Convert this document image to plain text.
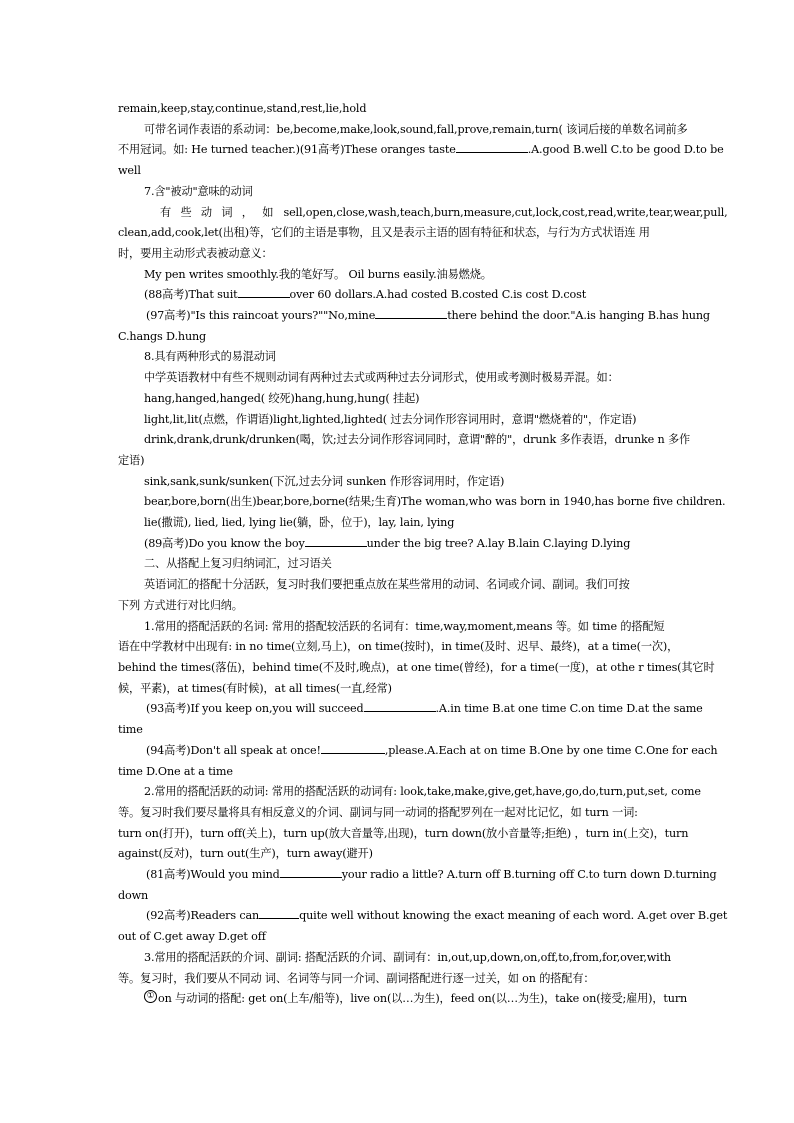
remain,keep,stay,continue,stand,rest,lie,hold
可带名词作表语的系动词：be,become,make,look,sound,fall,prove,remain,turn( 该词后接的单数名词前多
不用冠词。如: He turned teacher.)(91高考)These oranges taste	.A.good B.well C.to be good D.to be
well
7.含"被动"意味的动词
有 些 动 词 ， 如 sell,open,close,wash,teach,burn,measure,cut,lock,cost,read,write,tear,wear,pull,
clean,add,cook,let(出租)等，它们的主语是事物，且又是表示主语的固有特征和状态，与行为方式状语连 用
时，要用主动形式表被动意义：
My pen writes smoothly.我的笔好写。 Oil burns easily.油易燃烧。
(88高考)That suit	over 60 dollars.A.had costed B.costed C.is cost D.cost
(97高考)"Is this raincoat yours?""No,mine	there behind the door."A.is hanging B.has hung
C.hangs D.hung
8.具有两种形式的易混动词
中学英语教材中有些不规则动词有两种过去式或两种过去分词形式，使用或考测时极易弄混。如：
hang,hanged,hanged( 绞死)hang,hung,hung( 挂起)
light,lit,lit(点燃，作谓语)light,lighted,lighted( 过去分词作形容词用时，意谓"燃烧着的"，作定语)
drink,drank,drunk/drunken(喝，饮;过去分词作形容词同时，意谓"醉的"，drunk 多作表语，drunke n 多作
定语)
sink,sank,sunk/sunken(下沉,过去分词 sunken 作形容词用时，作定语)
bear,bore,born(出生)bear,bore,borne(结果;生育)The woman,who was born in 1940,has borne five children.
lie(撒谎), lied, lied, lying lie(躺，卧，位于)，lay, lain, lying
(89高考)Do you know the boy	under the big tree? A.lay B.lain C.laying D.lying
二、从搭配上复习归纳词汇，过习语关
英语词汇的搭配十分活跃，复习时我们要把重点放在某些常用的动词、名词或介词、副词。我们可按
下列 方式进行对比归纳。
1.常用的搭配活跃的名词: 常用的搭配较活跃的名词有：time,way,moment,means 等。如 time 的搭配短
语在中学教材中出现有: in no time(立刻,马上)，on time(按时)，in time(及时、迟早、最终)，at a time(一次)，
behind the times(落伍)，behind time(不及时,晚点)，at one time(曾经)，for a time(一度)，at othe r times(其它时
候，平素)，at times(有时候)，at all times(一直,经常)
(93高考)If you keep on,you will succeed	.A.in time B.at one time C.on time D.at the same
time
(94高考)Don't all speak at once!	,please.A.Each at on time B.One by one time C.One for each
time D.One at a time
2.常用的搭配活跃的动词: 常用的搭配活跃的动词有: look,take,make,give,get,have,go,do,turn,put,set, come
等。复习时我们要尽量将具有相反意义的介词、副词与同一动词的搭配罗列在一起对比记忆，如 turn 一词:
turn on(打开)，turn off(关上)，turn up(放大音量等,出现)，turn down(放小音量等;拒绝) ，turn in(上交)，turn
against(反对)，turn out(生产)，turn away(避开)
(81高考)Would you mind	your radio a little? A.turn off B.turning off C.to turn down D.turning
down
(92高考)Readers can	quite well without knowing the exact meaning of each word. A.get over B.get
out of C.get away D.get off
3.常用的搭配活跃的介词、副词: 搭配活跃的介词、副词有：in,out,up,down,on,off,to,from,for,over,with
等。复习时，我们要从不同动 词、名词等与同一介词、副词搭配进行逐一过关，如 on 的搭配有：
① on 与动词的搭配: get on(上车/船等)，live on(以…为生)，feed on(以…为生)，take on(接受;雇用)，turn
